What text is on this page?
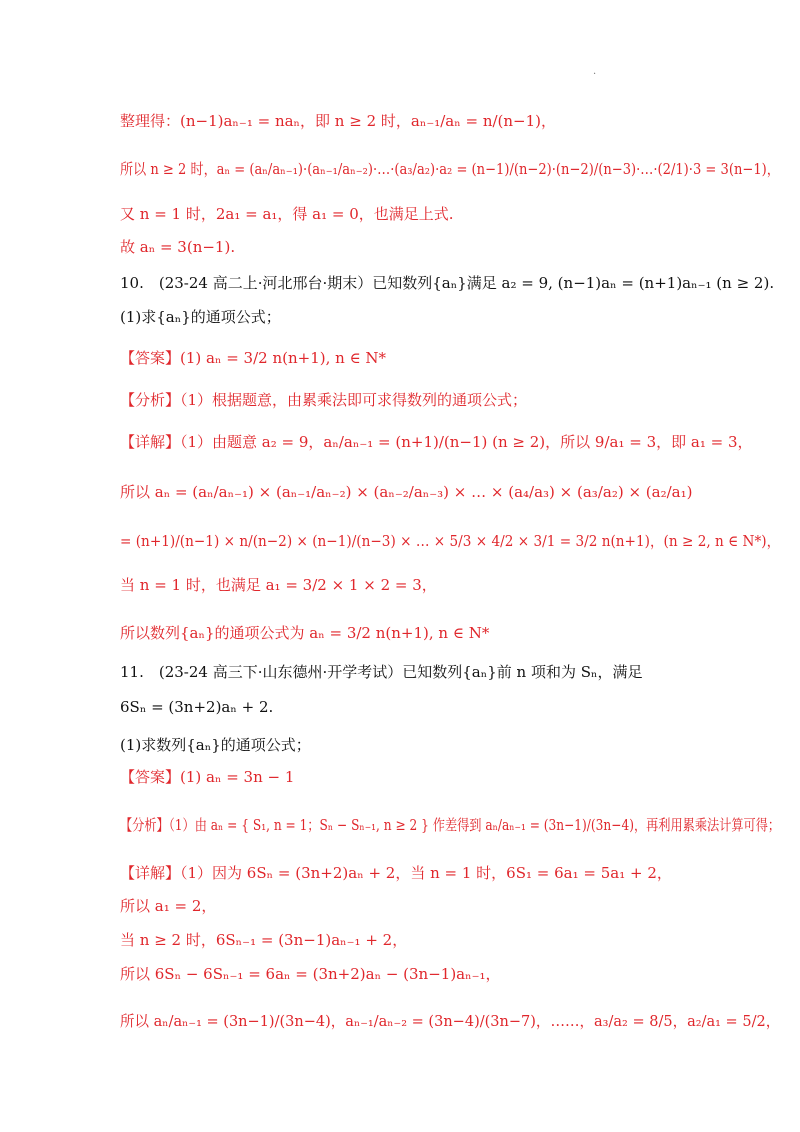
.
整理得：(n−1)aₙ₋₁ = naₙ，即 n ≥ 2 时，aₙ₋₁/aₙ = n/(n−1)，
所以 n ≥ 2 时，aₙ = (aₙ/aₙ₋₁)·(aₙ₋₁/aₙ₋₂)·…·(a₃/a₂)·a₂ = (n−1)/(n−2)·(n−2)/(n−3)·…·(2/1)·3 = 3(n−1)，
又 n = 1 时，2a₁ = a₁，得 a₁ = 0，也满足上式.
故 aₙ = 3(n−1).
10.　(23-24 高二上·河北邢台·期末）已知数列{aₙ}满足 a₂ = 9, (n−1)aₙ = (n+1)aₙ₋₁ (n ≥ 2).
(1)求{aₙ}的通项公式；
【答案】(1) aₙ = 3/2 n(n+1), n ∈ N*
【分析】（1）根据题意，由累乘法即可求得数列的通项公式；
【详解】（1）由题意 a₂ = 9，aₙ/aₙ₋₁ = (n+1)/(n−1) (n ≥ 2)，所以 9/a₁ = 3，即 a₁ = 3，
所以 aₙ = (aₙ/aₙ₋₁) × (aₙ₋₁/aₙ₋₂) × (aₙ₋₂/aₙ₋₃) × … × (a₄/a₃) × (a₃/a₂) × (a₂/a₁)
= (n+1)/(n−1) × n/(n−2) × (n−1)/(n−3) × … × 5/3 × 4/2 × 3/1 = 3/2 n(n+1)，(n ≥ 2, n ∈ N*)，
当 n = 1 时，也满足 a₁ = 3/2 × 1 × 2 = 3，
所以数列{aₙ}的通项公式为 aₙ = 3/2 n(n+1), n ∈ N*
11.　(23-24 高三下·山东德州·开学考试）已知数列{aₙ}前 n 项和为 Sₙ，满足
6Sₙ = (3n+2)aₙ + 2.
(1)求数列{aₙ}的通项公式；
【答案】(1) aₙ = 3n − 1
【分析】（1）由 aₙ = { S₁, n = 1；Sₙ − Sₙ₋₁, n ≥ 2 } 作差得到 aₙ/aₙ₋₁ = (3n−1)/(3n−4)，再利用累乘法计算可得；
【详解】（1）因为 6Sₙ = (3n+2)aₙ + 2，当 n = 1 时，6S₁ = 6a₁ = 5a₁ + 2，
所以 a₁ = 2，
当 n ≥ 2 时，6Sₙ₋₁ = (3n−1)aₙ₋₁ + 2，
所以 6Sₙ − 6Sₙ₋₁ = 6aₙ = (3n+2)aₙ − (3n−1)aₙ₋₁，
所以 aₙ/aₙ₋₁ = (3n−1)/(3n−4)，aₙ₋₁/aₙ₋₂ = (3n−4)/(3n−7)，……，a₃/a₂ = 8/5，a₂/a₁ = 5/2，
